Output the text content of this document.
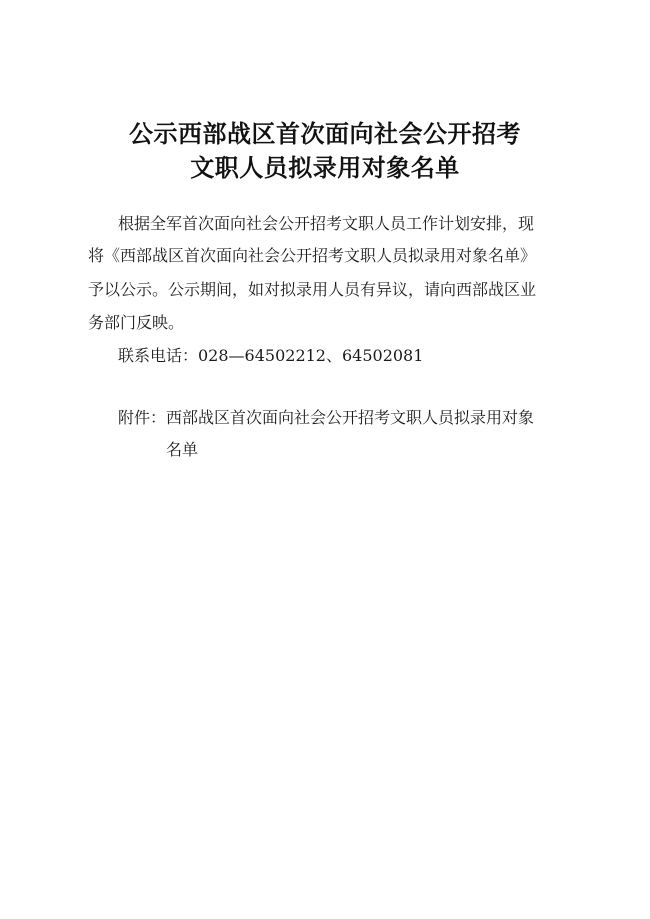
公示西部战区首次面向社会公开招考
文职人员拟录用对象名单
根据全军首次面向社会公开招考文职人员工作计划安排，现
将《西部战区首次面向社会公开招考文职人员拟录用对象名单》
予以公示。公示期间，如对拟录用人员有异议，请向西部战区业
务部门反映。
联系电话：028—64502212、64502081
附件：西部战区首次面向社会公开招考文职人员拟录用对象
名单
